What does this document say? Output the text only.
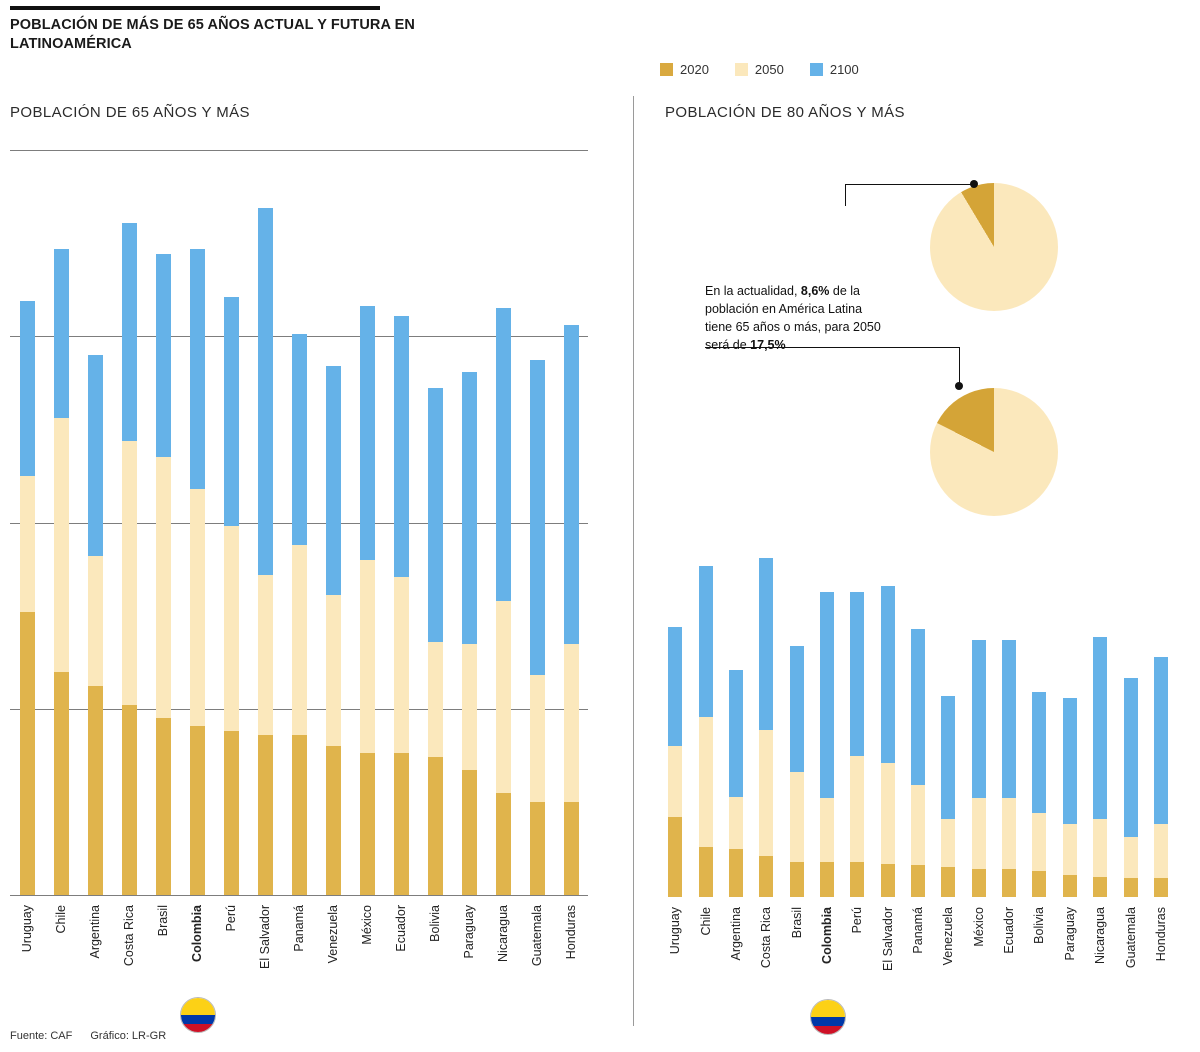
POBLACIÓN DE MÁS DE 65 AÑOS ACTUAL Y FUTURA EN LATINOAMÉRICA
2020	2050	2100
POBLACIÓN DE 65 AÑOS Y MÁS	POBLACIÓN DE 80 AÑOS Y MÁS
Uruguay Chile Argentina Costa Rica Brasil Colombia Perú El Salvador Panamá Venezuela México Ecuador Bolivia Paraguay Nicaragua Guatemala Honduras	Uruguay Chile Argentina Costa Rica Brasil Colombia Perú El Salvador Panamá Venezuela México Ecuador Bolivia Paraguay Nicaragua Guatemala Honduras
En la actualidad, 8,6% de la población en América Latina tiene 65 años o más, para 2050 será de 17,5%
Fuente: CAF Gráfico: LR-GR
